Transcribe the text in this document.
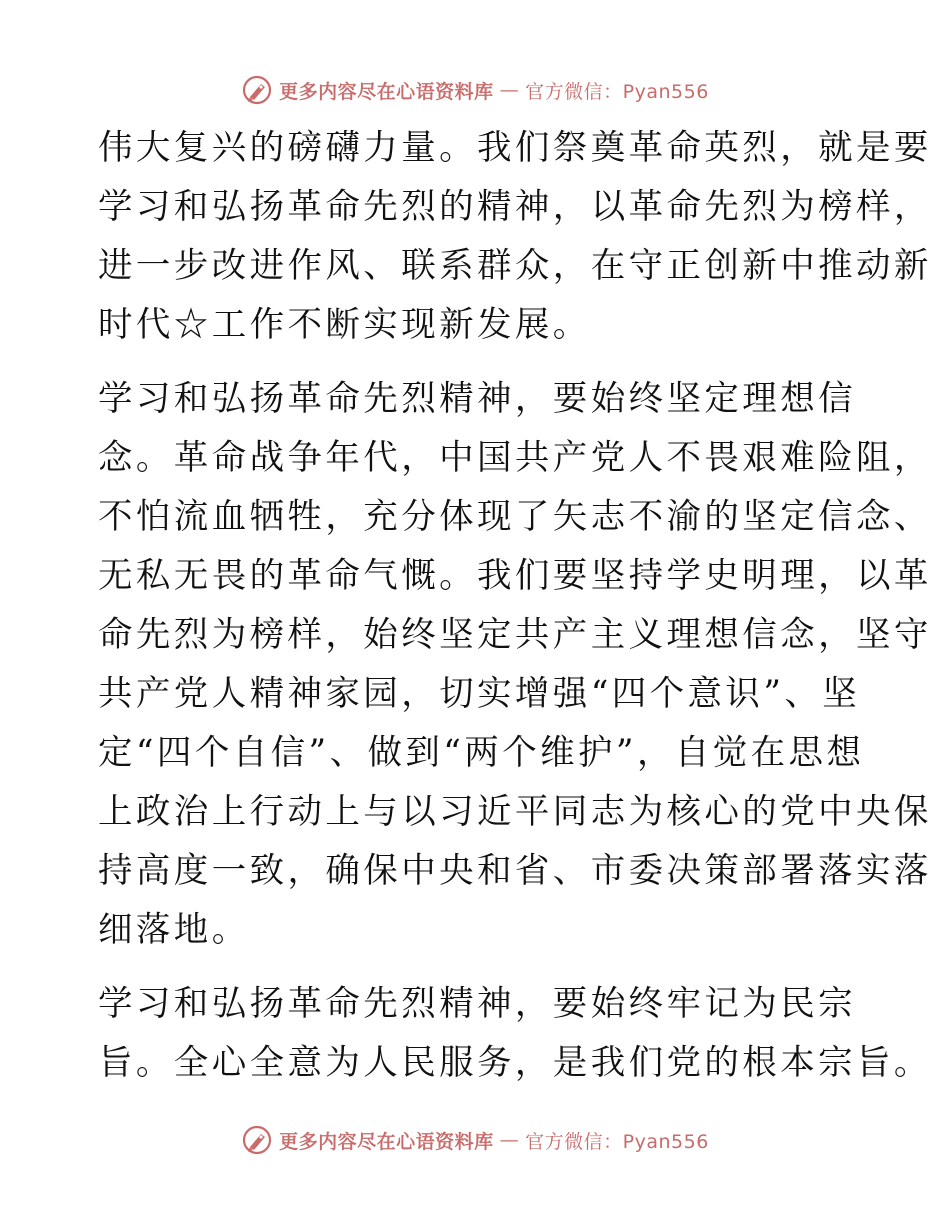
更多内容尽在心语资料库 — 官方微信：Pyan556
伟大复兴的磅礴力量。我们祭奠革命英烈，就是要
学习和弘扬革命先烈的精神，以革命先烈为榜样，
进一步改进作风、联系群众，在守正创新中推动新
时代☆工作不断实现新发展。
学习和弘扬革命先烈精神，要始终坚定理想信
念。革命战争年代，中国共产党人不畏艰难险阻，
不怕流血牺牲，充分体现了矢志不渝的坚定信念、
无私无畏的革命气慨。我们要坚持学史明理，以革
命先烈为榜样，始终坚定共产主义理想信念，坚守
共产党人精神家园，切实增强“四个意识”、坚
定“四个自信”、做到“两个维护”，自觉在思想
上政治上行动上与以习近平同志为核心的党中央保
持高度一致，确保中央和省、市委决策部署落实落
细落地。
学习和弘扬革命先烈精神，要始终牢记为民宗
旨。全心全意为人民服务，是我们党的根本宗旨。
更多内容尽在心语资料库 — 官方微信：Pyan556
